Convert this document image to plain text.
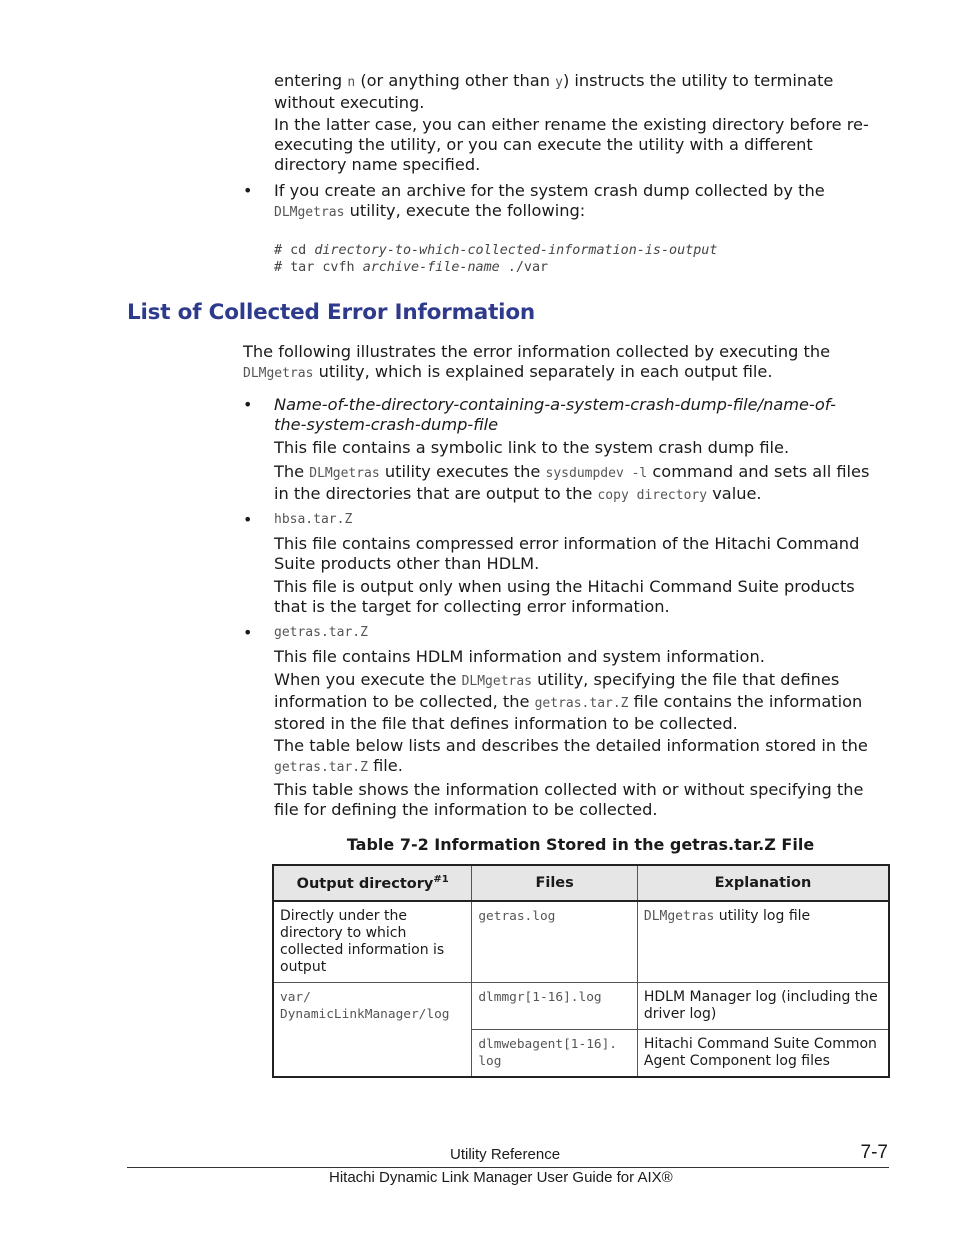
entering n (or anything other than y) instructs the utility to terminate without executing.

In the latter case, you can either rename the existing directory before re-executing the utility, or you can execute the utility with a different directory name specified.

• If you create an archive for the system crash dump collected by the DLMgetras utility, execute the following:

# cd directory-to-which-collected-information-is-output

# tar cvfh archive-file-name ./var

List of Collected Error Information

The following illustrates the error information collected by executing the DLMgetras utility, which is explained separately in each output file.

• Name-of-the-directory-containing-a-system-crash-dump-file/name-of-the-system-crash-dump-file

This file contains a symbolic link to the system crash dump file.

The DLMgetras utility executes the sysdumpdev -l command and sets all files in the directories that are output to the copy directory value.

• hbsa.tar.Z

This file contains compressed error information of the Hitachi Command Suite products other than HDLM.

This file is output only when using the Hitachi Command Suite products that is the target for collecting error information.

• getras.tar.Z

This file contains HDLM information and system information.

When you execute the DLMgetras utility, specifying the file that defines information to be collected, the getras.tar.Z file contains the information stored in the file that defines information to be collected.

The table below lists and describes the detailed information stored in the getras.tar.Z file.

This table shows the information collected with or without specifying the file for defining the information to be collected.

Table 7-2 Information Stored in the getras.tar.Z File
Output directory$^{\#1}$	Files	Explanation
Directly under the directory to which collected information is output	getras.log	DLMgetras utility log file
var/ DynamicLinkManager/log	dlmmgr[1-16].log	HDLM Manager log (including the driver log)
	dlmwebagent[1-16]. log	Hitachi Command Suite Common Agent Component log files
Utility Reference	7-7
Hitachi Dynamic Link Manager User Guide for AIX®
